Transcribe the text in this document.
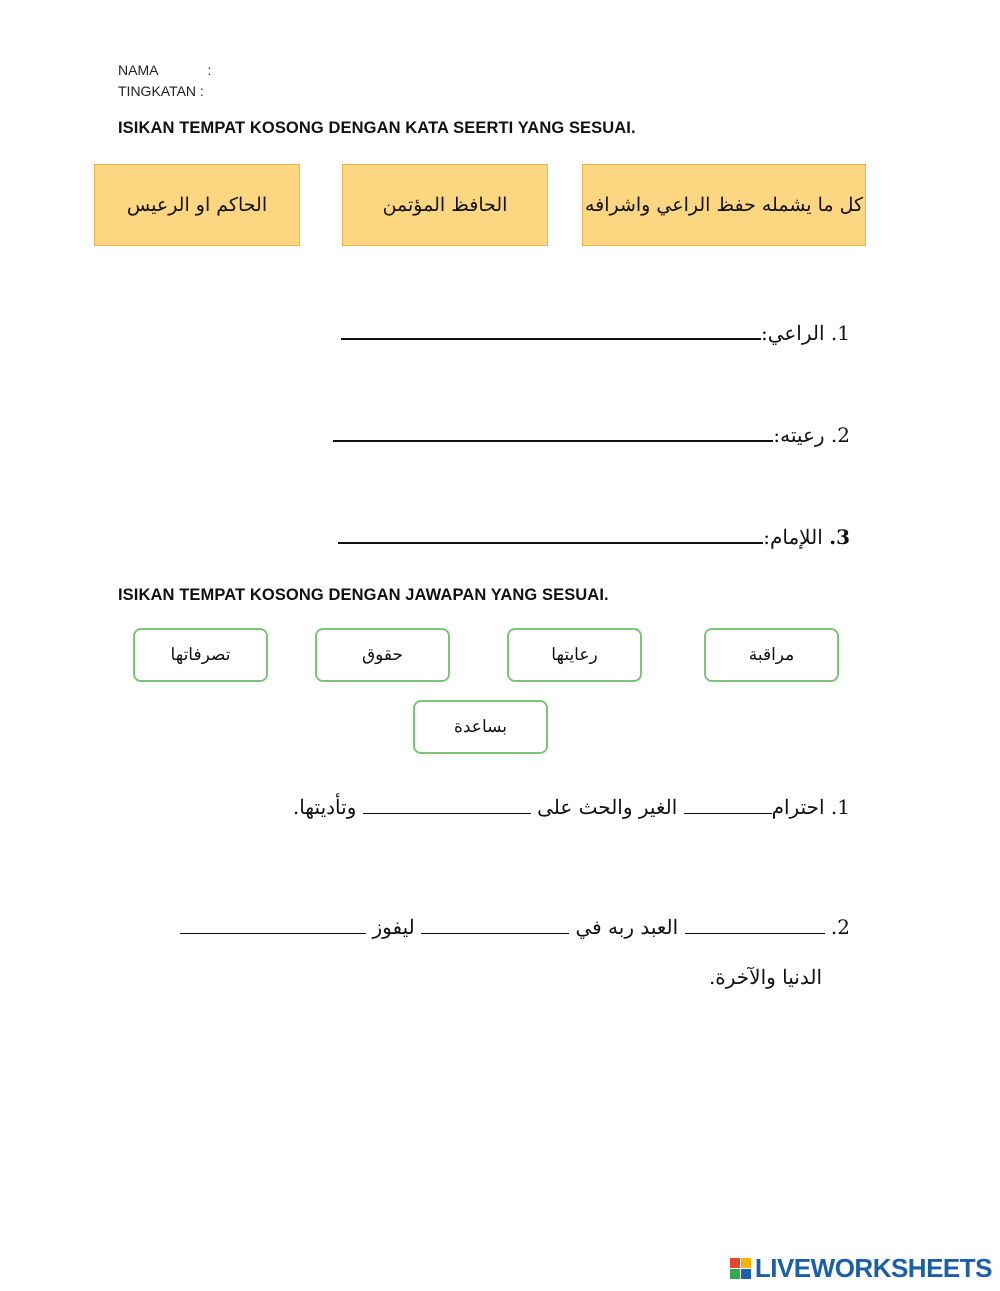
NAMA	:
TINGKATAN :
ISIKAN TEMPAT KOSONG DENGAN KATA SEERTI YANG SESUAI.
الحاكم او الرعيس	الحافظ المؤتمن	كل ما يشمله حفظ الراعي واشرافه
1. الراعي:
2. رعيته:
3. اللإمام:
ISIKAN TEMPAT KOSONG DENGAN JAWAPAN YANG SESUAI.
مراقبة
رعايتها
حقوق
تصرفاتها
بساعدة
1. احترام الغير والحث على  وتأديتها.
2.  العبد ربه في  ليفوز
الدنيا والآخرة.
LIVEWORKSHEETS
